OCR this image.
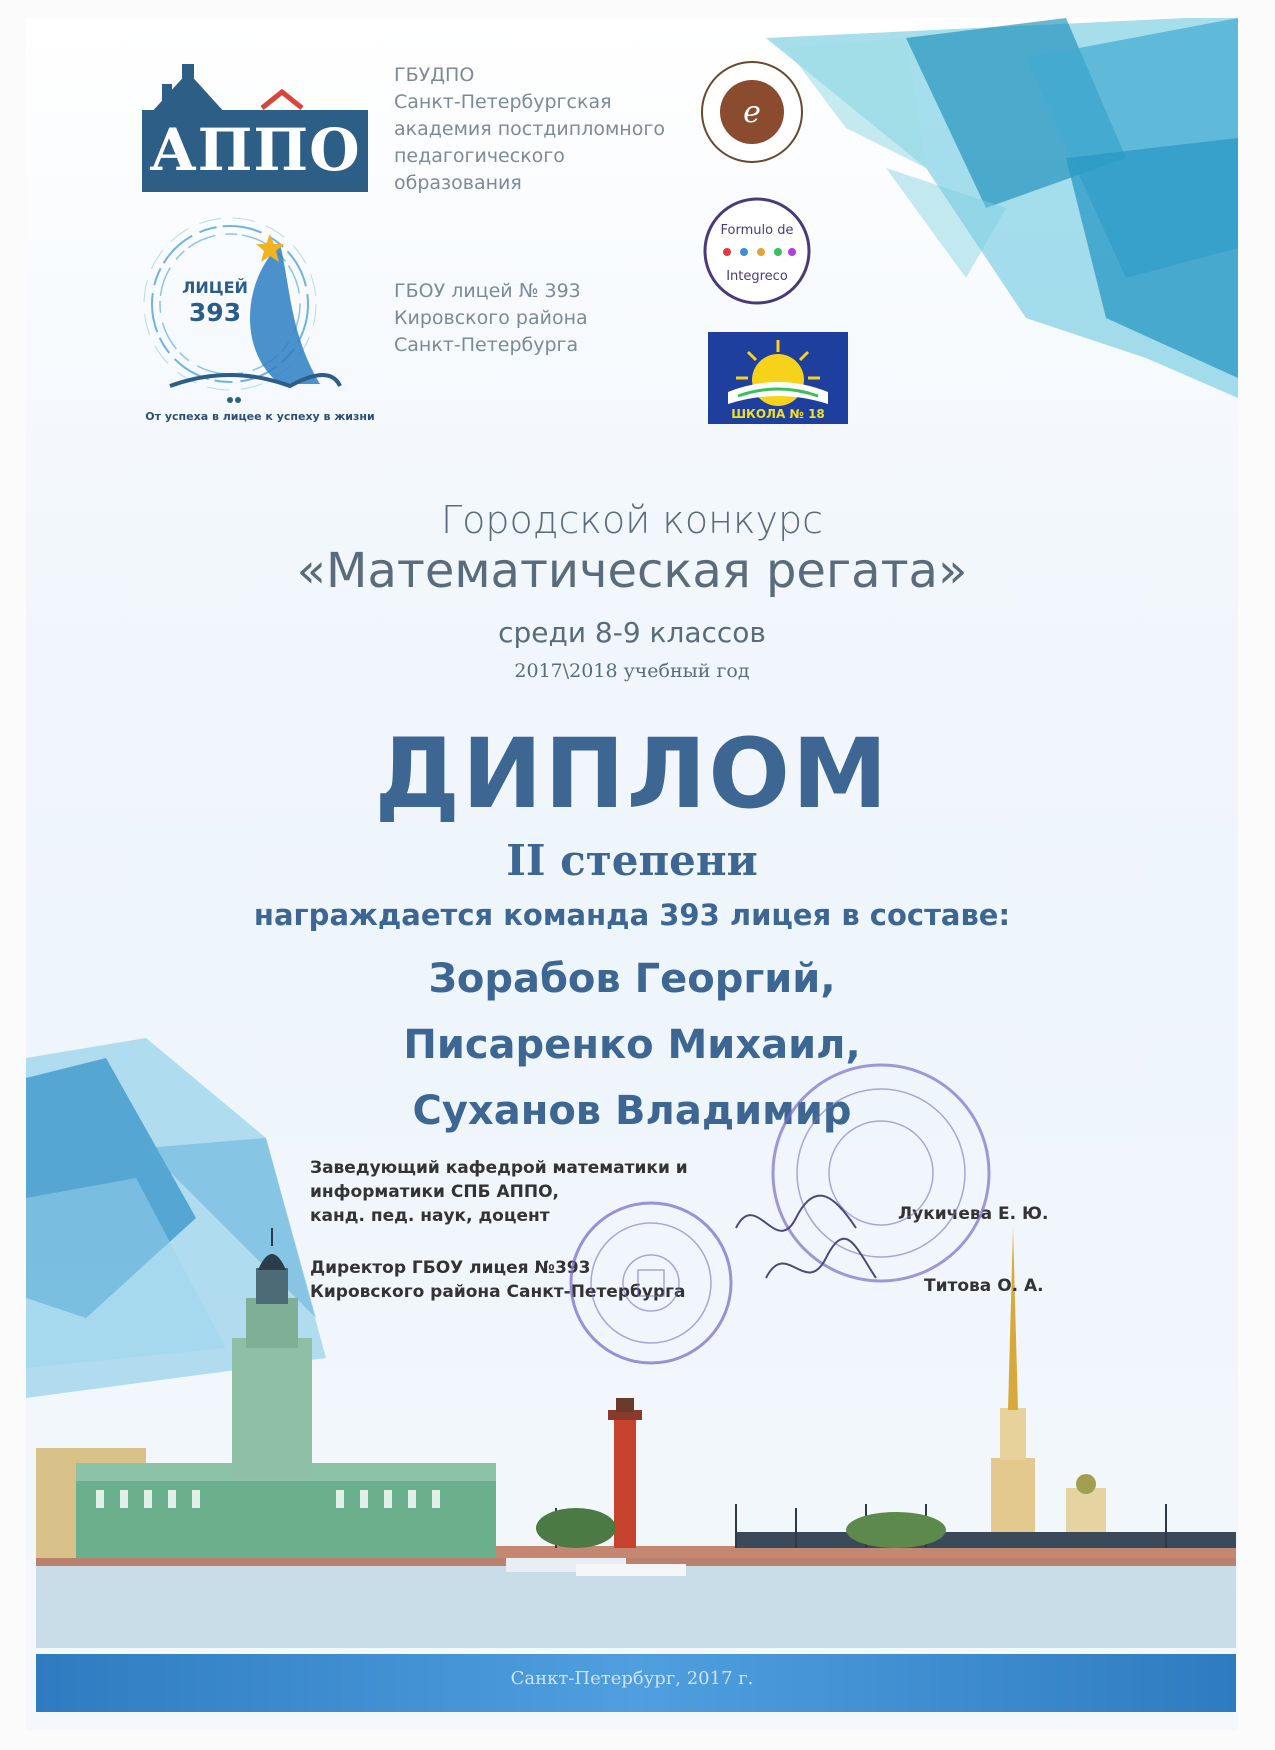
АППО
ГБУДПО
Санкт-Петербургская
академия постдипломного
педагогического
образования
ЛИЦЕЙ
393
От успеха в лицее к успеху в жизни
ГБОУ лицей № 393
Кировского района
Санкт-Петербурга
e
Formulo de
Integreco
ШКОЛА № 18
Городской конкурс
«Математическая регата»
среди 8-9 классов
2017\2018 учебный год
ДИПЛОМ
II степени
награждается команда 393 лицея в составе:
Зорабов Георгий,
Писаренко Михаил,
Суханов Владимир
Заведующий кафедрой математики и
информатики СПБ АППО,
канд. пед. наук, доцент	Лукичева Е. Ю.
Директор ГБОУ лицея №393
Кировского района Санкт-Петербурга	Титова О. А.
Санкт-Петербург, 2017 г.
